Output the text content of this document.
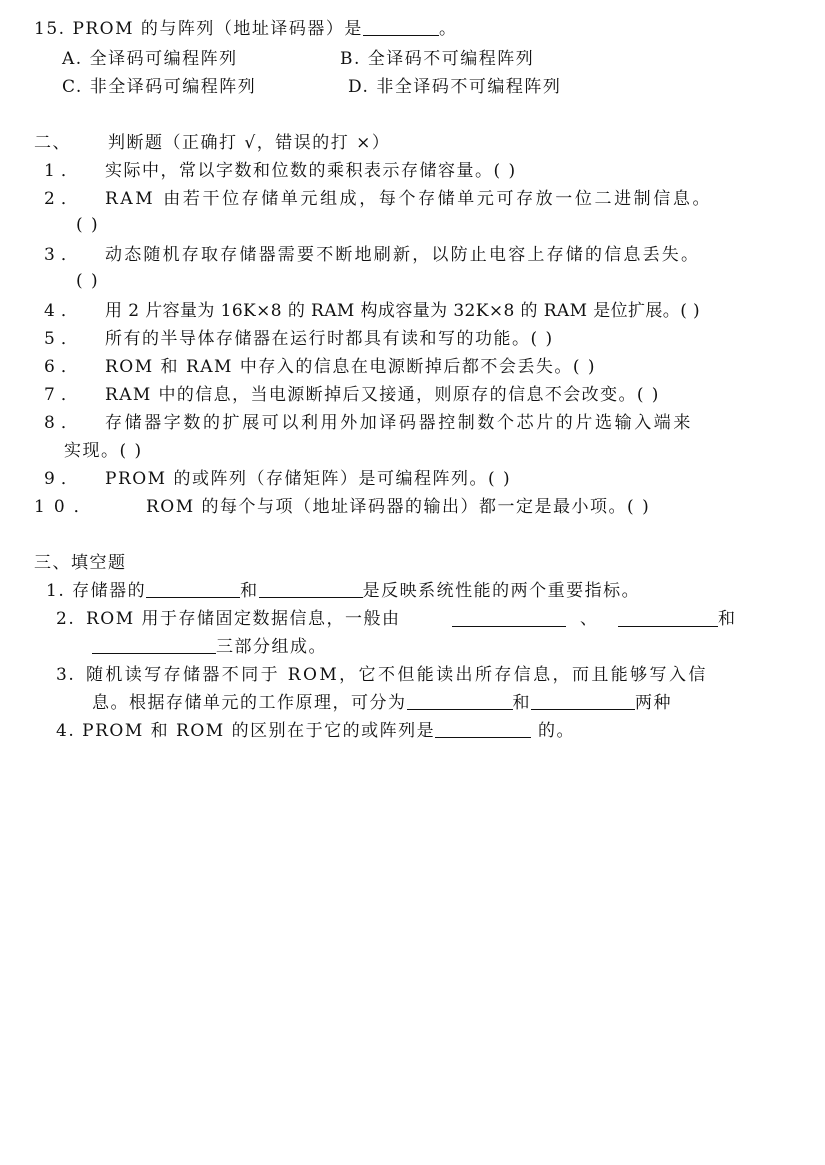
15. PROM 的与阵列（地址译码器）是	。
A. 全译码可编程阵列	B. 全译码不可编程阵列
C. 非全译码可编程阵列	D. 非全译码不可编程阵列
二、 判断题（正确打 √，错误的打 ×）
1． 实际中，常以字数和位数的乘积表示存储容量。( )
2． RAM 由若干位存储单元组成，每个存储单元可存放一位二进制信息。
( )
3． 动态随机存取存储器需要不断地刷新，以防止电容上存储的信息丢失。
( )
4． 用 2 片容量为 16K×8 的 RAM 构成容量为 32K×8 的 RAM 是位扩展。( )
5． 所有的半导体存储器在运行时都具有读和写的功能。( )
6． ROM 和 RAM 中存入的信息在电源断掉后都不会丢失。( )
7． RAM 中的信息，当电源断掉后又接通，则原存的信息不会改变。( )
8． 存储器字数的扩展可以利用外加译码器控制数个芯片的片选输入端来
实现。( )
9． PROM 的或阵列（存储矩阵）是可编程阵列。( )
10．	ROM 的每个与项（地址译码器的输出）都一定是最小项。( )
三、填空题
1. 存储器的	和	是反映系统性能的两个重要指标。
2. ROM 用于存储固定数据信息，一般由	、	和
三部分组成。
3. 随机读写存储器不同于 ROM，它不但能读出所存信息，而且能够写入信
息。根据存储单元的工作原理，可分为	和	两种
4. PROM 和 ROM 的区别在于它的或阵列是	的。
